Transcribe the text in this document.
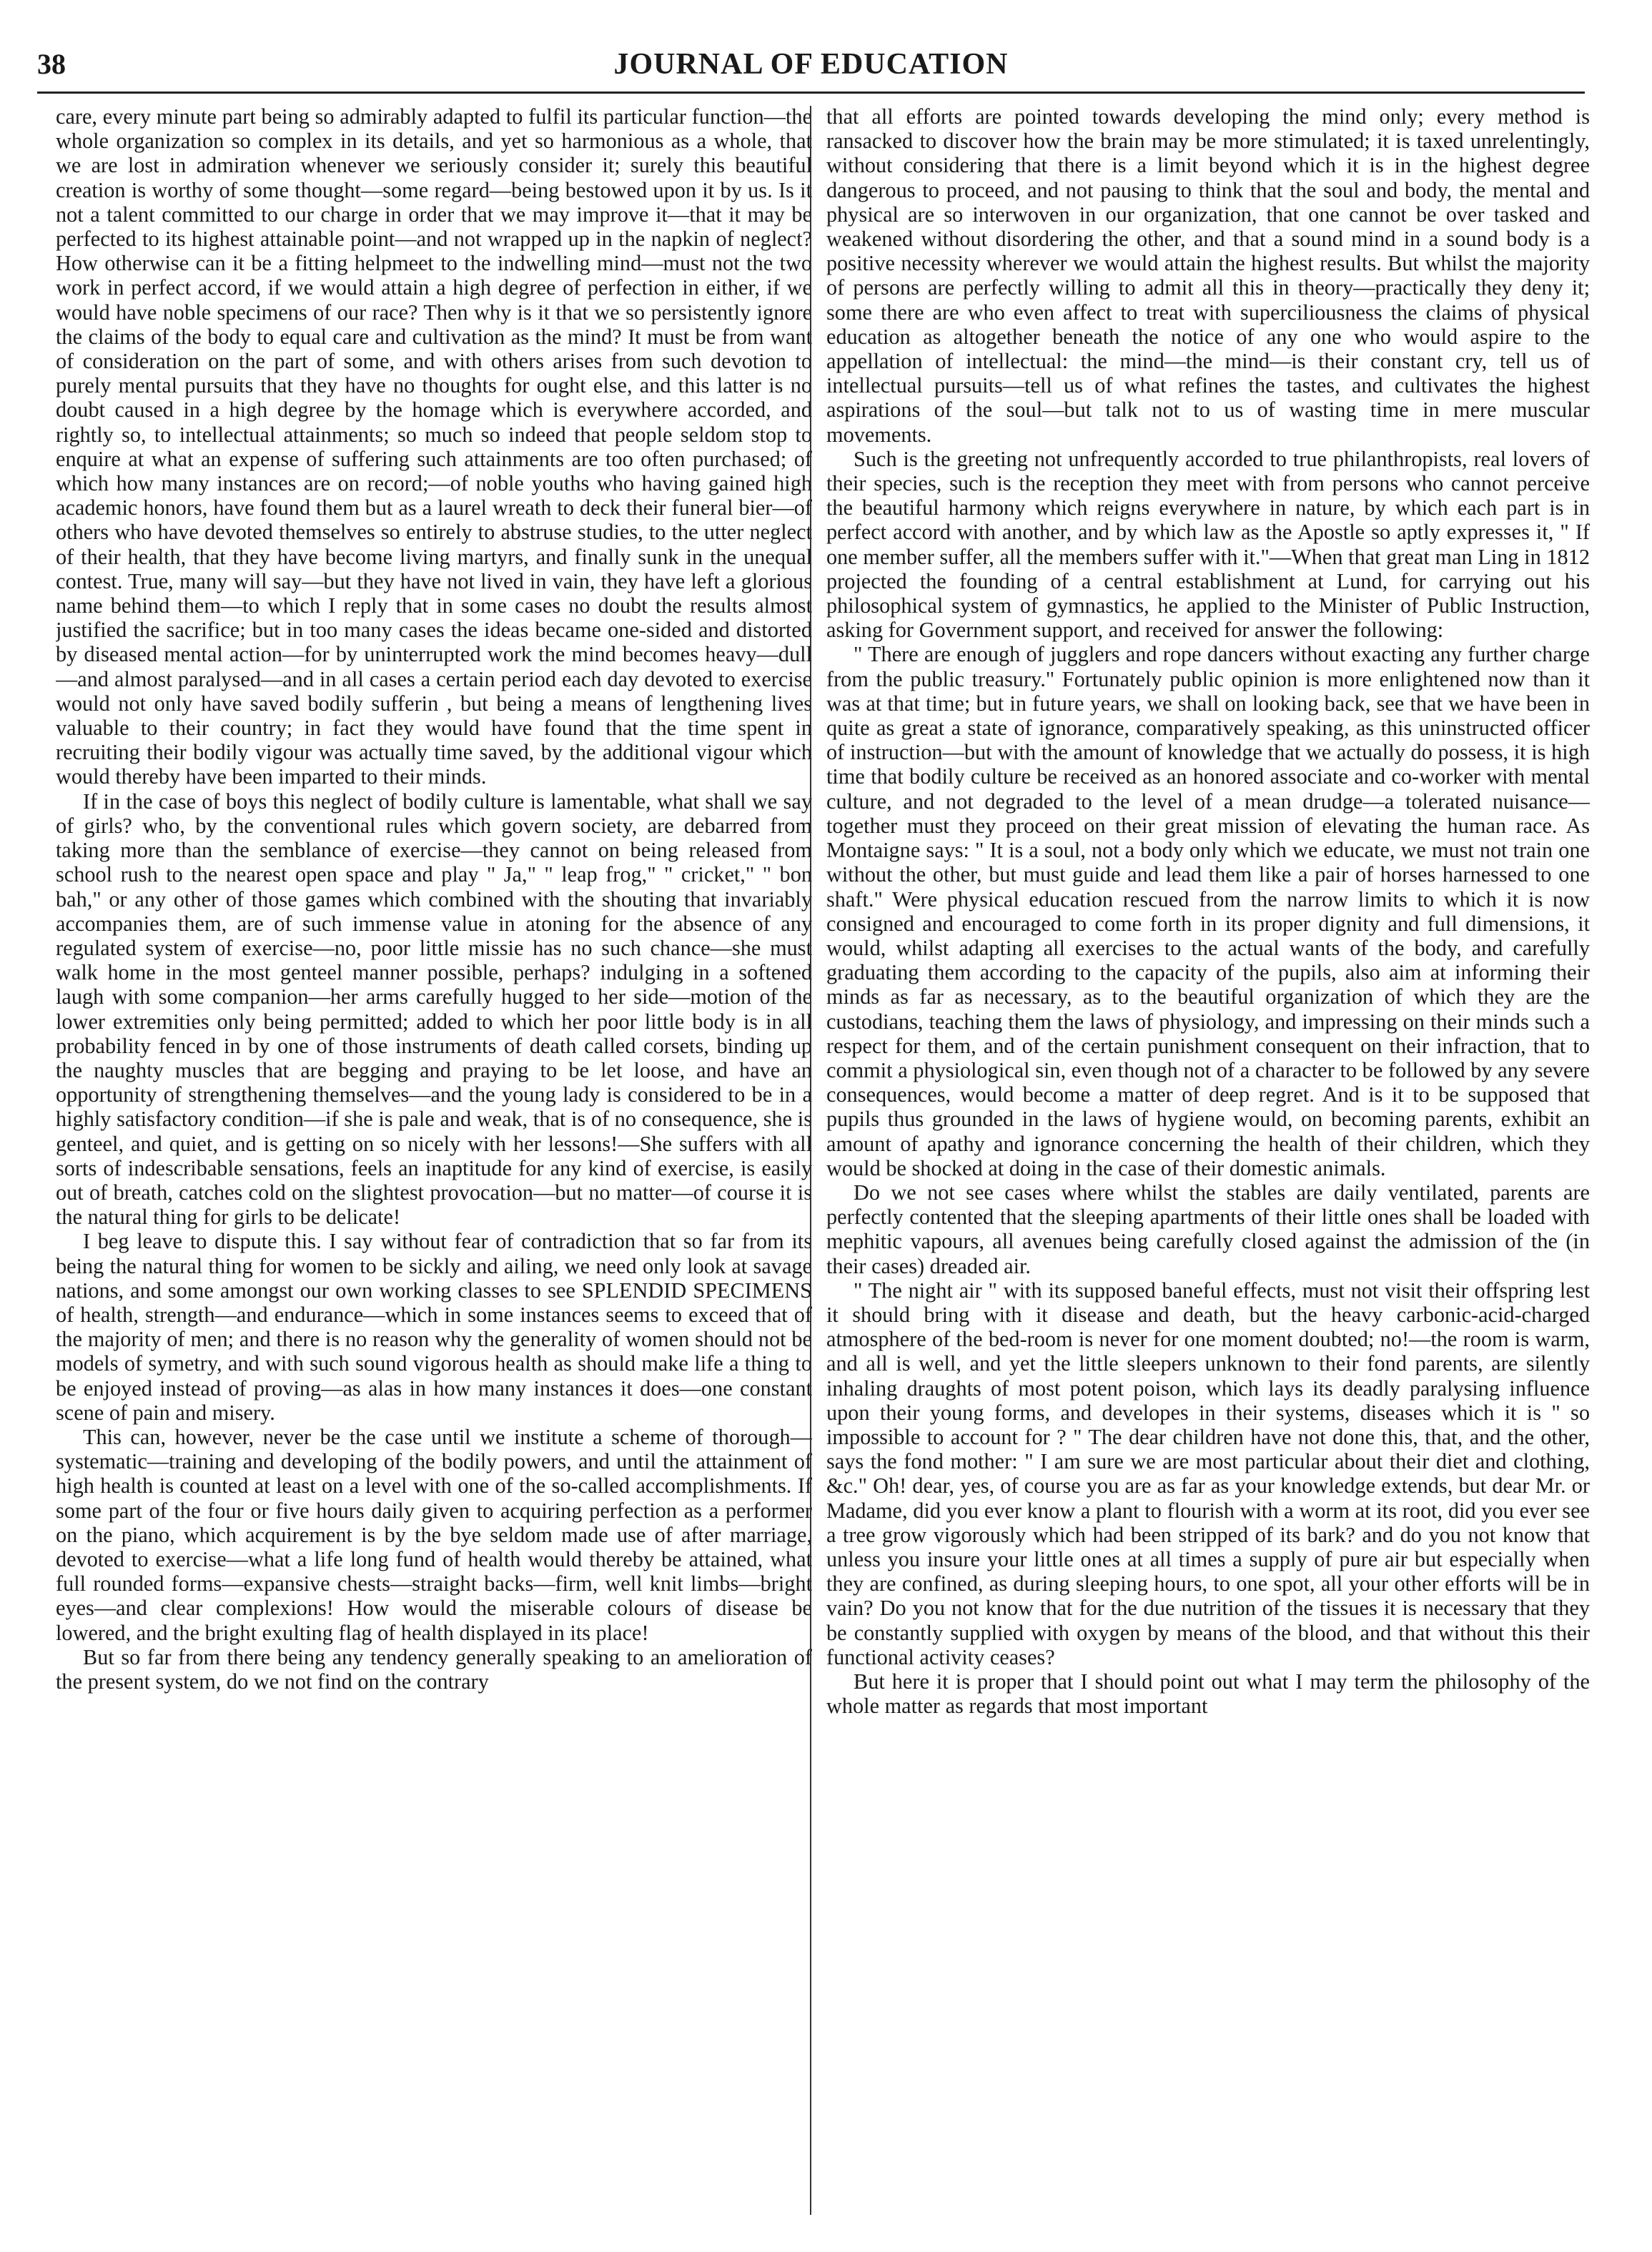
38	JOURNAL OF EDUCATION

care, every minute part being so admirably adapted to fulfil its particular function—the whole organization so complex in its details, and yet so harmonious as a whole, that we are lost in admiration whenever we seriously consider it; surely this beautiful creation is worthy of some thought—some regard—being bestowed upon it by us. Is it not a talent committed to our charge in order that we may improve it—that it may be perfected to its highest attainable point—and not wrapped up in the napkin of neglect? How otherwise can it be a fitting helpmeet to the indwelling mind—must not the two work in perfect accord, if we would attain a high degree of perfection in either, if we would have noble specimens of our race? Then why is it that we so persistently ignore the claims of the body to equal care and cultivation as the mind? It must be from want of consideration on the part of some, and with others arises from such devotion to purely mental pursuits that they have no thoughts for ought else, and this latter is no doubt caused in a high degree by the homage which is everywhere accorded, and rightly so, to intellectual attainments; so much so indeed that people seldom stop to enquire at what an expense of suffering such attainments are too often purchased; of which how many instances are on record;—of noble youths who having gained high academic honors, have found them but as a laurel wreath to deck their funeral bier—of others who have devoted themselves so entirely to abstruse studies, to the utter neglect of their health, that they have become living martyrs, and finally sunk in the unequal contest. True, many will say—but they have not lived in vain, they have left a glorious name behind them—to which I reply that in some cases no doubt the results almost justified the sacrifice; but in too many cases the ideas became one-sided and distorted by diseased mental action—for by uninterrupted work the mind becomes heavy—dull—and almost paralysed—and in all cases a certain period each day devoted to exercise would not only have saved bodily sufferin , but being a means of lengthening lives valuable to their country; in fact they would have found that the time spent in recruiting their bodily vigour was actually time saved, by the additional vigour which would thereby have been imparted to their minds.

If in the case of boys this neglect of bodily culture is lamentable, what shall we say of girls? who, by the conventional rules which govern society, are debarred from taking more than the semblance of exercise—they cannot on being released from school rush to the nearest open space and play " Ja," " leap frog," " cricket," " bon bah," or any other of those games which combined with the shouting that invariably accompanies them, are of such immense value in atoning for the absence of any regulated system of exercise—no, poor little missie has no such chance—she must walk home in the most genteel manner possible, perhaps? indulging in a softened laugh with some companion—her arms carefully hugged to her side—motion of the lower extremities only being permitted; added to which her poor little body is in all probability fenced in by one of those instruments of death called corsets, binding up the naughty muscles that are begging and praying to be let loose, and have an opportunity of strengthening themselves—and the young lady is considered to be in a highly satisfactory condition—if she is pale and weak, that is of no consequence, she is genteel, and quiet, and is getting on so nicely with her lessons!—She suffers with all sorts of indescribable sensations, feels an inaptitude for any kind of exercise, is easily out of breath, catches cold on the slightest provocation—but no matter—of course it is the natural thing for girls to be delicate!

I beg leave to dispute this. I say without fear of contradiction that so far from its being the natural thing for women to be sickly and ailing, we need only look at savage nations, and some amongst our own working classes to see SPLENDID SPECIMENS of health, strength—and endurance—which in some instances seems to exceed that of the majority of men; and there is no reason why the generality of women should not be models of symetry, and with such sound vigorous health as should make life a thing to be enjoyed instead of proving—as alas in how many instances it does—one constant scene of pain and misery.

This can, however, never be the case until we institute a scheme of thorough—systematic—training and developing of the bodily powers, and until the attainment of high health is counted at least on a level with one of the so-called accomplishments. If some part of the four or five hours daily given to acquiring perfection as a performer on the piano, which acquirement is by the bye seldom made use of after marriage, devoted to exercise—what a life long fund of health would thereby be attained, what full rounded forms—expansive chests—straight backs—firm, well knit limbs—bright eyes—and clear complexions! How would the miserable colours of disease be lowered, and the bright exulting flag of health displayed in its place!

But so far from there being any tendency generally speaking to an amelioration of the present system, do we not find on the contrary

that all efforts are pointed towards developing the mind only; every method is ransacked to discover how the brain may be more stimulated; it is taxed unrelentingly, without considering that there is a limit beyond which it is in the highest degree dangerous to proceed, and not pausing to think that the soul and body, the mental and physical are so interwoven in our organization, that one cannot be over tasked and weakened without disordering the other, and that a sound mind in a sound body is a positive necessity wherever we would attain the highest results. But whilst the majority of persons are perfectly willing to admit all this in theory—practically they deny it; some there are who even affect to treat with superciliousness the claims of physical education as altogether beneath the notice of any one who would aspire to the appellation of intellectual: the mind—the mind—is their constant cry, tell us of intellectual pursuits—tell us of what refines the tastes, and cultivates the highest aspirations of the soul—but talk not to us of wasting time in mere muscular movements.

Such is the greeting not unfrequently accorded to true philanthropists, real lovers of their species, such is the reception they meet with from persons who cannot perceive the beautiful harmony which reigns everywhere in nature, by which each part is in perfect accord with another, and by which law as the Apostle so aptly expresses it, " If one member suffer, all the members suffer with it."—When that great man Ling in 1812 projected the founding of a central establishment at Lund, for carrying out his philosophical system of gymnastics, he applied to the Minister of Public Instruction, asking for Government support, and received for answer the following:

" There are enough of jugglers and rope dancers without exacting any further charge from the public treasury." Fortunately public opinion is more enlightened now than it was at that time; but in future years, we shall on looking back, see that we have been in quite as great a state of ignorance, comparatively speaking, as this uninstructed officer of instruction—but with the amount of knowledge that we actually do possess, it is high time that bodily culture be received as an honored associate and co-worker with mental culture, and not degraded to the level of a mean drudge—a tolerated nuisance—together must they proceed on their great mission of elevating the human race. As Montaigne says: " It is a soul, not a body only which we educate, we must not train one without the other, but must guide and lead them like a pair of horses harnessed to one shaft." Were physical education rescued from the narrow limits to which it is now consigned and encouraged to come forth in its proper dignity and full dimensions, it would, whilst adapting all exercises to the actual wants of the body, and carefully graduating them according to the capacity of the pupils, also aim at informing their minds as far as necessary, as to the beautiful organization of which they are the custodians, teaching them the laws of physiology, and impressing on their minds such a respect for them, and of the certain punishment consequent on their infraction, that to commit a physiological sin, even though not of a character to be followed by any severe consequences, would become a matter of deep regret. And is it to be supposed that pupils thus grounded in the laws of hygiene would, on becoming parents, exhibit an amount of apathy and ignorance concerning the health of their children, which they would be shocked at doing in the case of their domestic animals.

Do we not see cases where whilst the stables are daily ventilated, parents are perfectly contented that the sleeping apartments of their little ones shall be loaded with mephitic vapours, all avenues being carefully closed against the admission of the (in their cases) dreaded air.

" The night air " with its supposed baneful effects, must not visit their offspring lest it should bring with it disease and death, but the heavy carbonic-acid-charged atmosphere of the bed-room is never for one moment doubted; no!—the room is warm, and all is well, and yet the little sleepers unknown to their fond parents, are silently inhaling draughts of most potent poison, which lays its deadly paralysing influence upon their young forms, and developes in their systems, diseases which it is " so impossible to account for ? " The dear children have not done this, that, and the other, says the fond mother: " I am sure we are most particular about their diet and clothing, &c." Oh! dear, yes, of course you are as far as your knowledge extends, but dear Mr. or Madame, did you ever know a plant to flourish with a worm at its root, did you ever see a tree grow vigorously which had been stripped of its bark? and do you not know that unless you insure your little ones at all times a supply of pure air but especially when they are confined, as during sleeping hours, to one spot, all your other efforts will be in vain? Do you not know that for the due nutrition of the tissues it is necessary that they be constantly supplied with oxygen by means of the blood, and that without this their functional activity ceases?

But here it is proper that I should point out what I may term the philosophy of the whole matter as regards that most important
